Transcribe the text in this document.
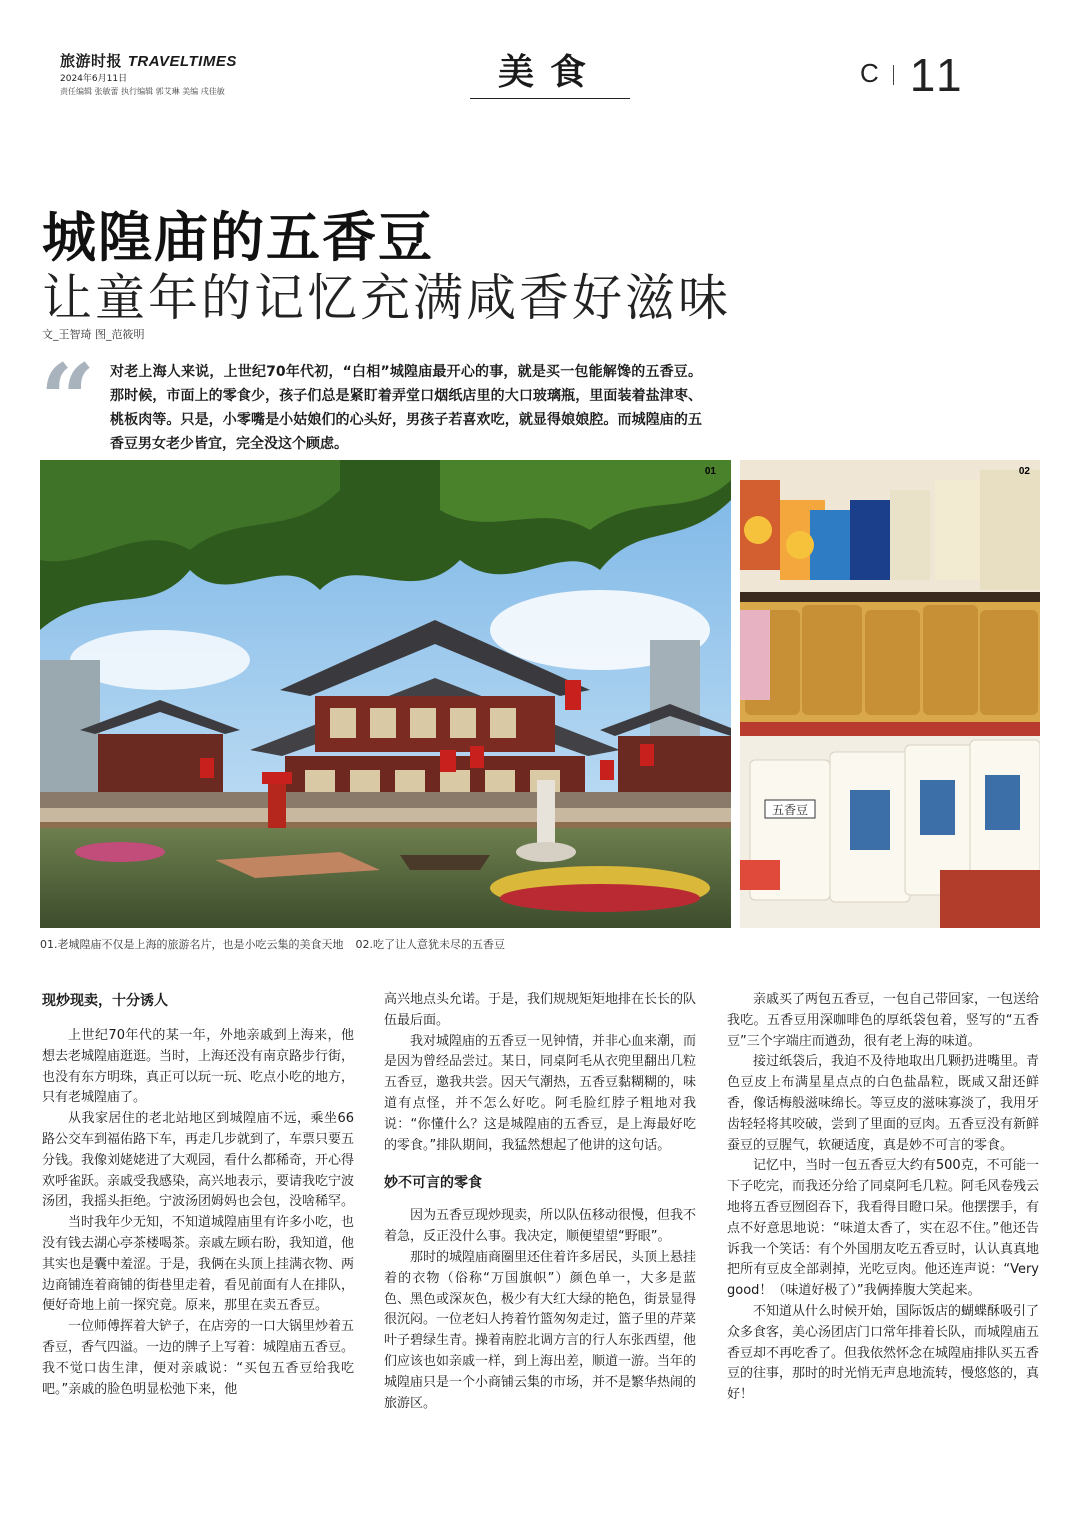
旅游时报 TRAVELTIMES
2024年6月11日
责任编辑 张敏蕾 执行编辑 郭艾琳 美编 戌佳敏	美食	C 11
城隍庙的五香豆
让童年的记忆充满咸香好滋味
文_王智琦 图_范筱明
“ 对老上海人来说，上世纪70年代初，“白相”城隍庙最开心的事，就是买一包能解馋的五香豆。那时候，市面上的零食少，孩子们总是紧盯着弄堂口烟纸店里的大口玻璃瓶，里面装着盐津枣、桃板肉等。只是，小零嘴是小姑娘们的心头好，男孩子若喜欢吃，就显得娘娘腔。而城隍庙的五香豆男女老少皆宜，完全没这个顾虑。
01
五香豆
02
01.老城隍庙不仅是上海的旅游名片，也是小吃云集的美食天地 02.吃了让人意犹未尽的五香豆
现炒现卖，十分诱人

上世纪70年代的某一年，外地亲戚到上海来，他想去老城隍庙逛逛。当时，上海还没有南京路步行街，也没有东方明珠，真正可以玩一玩、吃点小吃的地方，只有老城隍庙了。

从我家居住的老北站地区到城隍庙不远，乘坐66路公交车到福佑路下车，再走几步就到了，车票只要五分钱。我像刘姥姥进了大观园，看什么都稀奇，开心得欢呼雀跃。亲戚受我感染，高兴地表示，要请我吃宁波汤团，我摇头拒绝。宁波汤团姆妈也会包，没啥稀罕。

当时我年少无知，不知道城隍庙里有许多小吃，也没有钱去湖心亭茶楼喝茶。亲戚左顾右盼，我知道，他其实也是囊中羞涩。于是，我俩在头顶上挂满衣物、两边商铺连着商铺的街巷里走着，看见前面有人在排队，便好奇地上前一探究竟。原来，那里在卖五香豆。

一位师傅挥着大铲子，在店旁的一口大锅里炒着五香豆，香气四溢。一边的牌子上写着：城隍庙五香豆。我不觉口齿生津，便对亲戚说：“买包五香豆给我吃吧。”亲戚的脸色明显松弛下来，他

高兴地点头允诺。于是，我们规规矩矩地排在长长的队伍最后面。

我对城隍庙的五香豆一见钟情，并非心血来潮，而是因为曾经品尝过。某日，同桌阿毛从衣兜里翻出几粒五香豆，邀我共尝。因天气潮热，五香豆黏糊糊的，味道有点怪，并不怎么好吃。阿毛脸红脖子粗地对我说：“你懂什么？这是城隍庙的五香豆，是上海最好吃的零食。”排队期间，我猛然想起了他讲的这句话。

妙不可言的零食

因为五香豆现炒现卖，所以队伍移动很慢，但我不着急，反正没什么事。我决定，顺便望望“野眼”。

那时的城隍庙商圈里还住着许多居民，头顶上悬挂着的衣物（俗称“万国旗帜”）颜色单一，大多是蓝色、黑色或深灰色，极少有大红大绿的艳色，街景显得很沉闷。一位老妇人挎着竹篮匆匆走过，篮子里的芹菜叶子碧绿生青。操着南腔北调方言的行人东张西望，他们应该也如亲戚一样，到上海出差，顺道一游。当年的城隍庙只是一个小商铺云集的市场，并不是繁华热闹的旅游区。

亲戚买了两包五香豆，一包自己带回家，一包送给我吃。五香豆用深咖啡色的厚纸袋包着，竖写的“五香豆”三个字端庄而遒劲，很有老上海的味道。

接过纸袋后，我迫不及待地取出几颗扔进嘴里。青色豆皮上布满星星点点的白色盐晶粒，既咸又甜还鲜香，像话梅般滋味绵长。等豆皮的滋味寡淡了，我用牙齿轻轻将其咬破，尝到了里面的豆肉。五香豆没有新鲜蚕豆的豆腥气，软硬适度，真是妙不可言的零食。

记忆中，当时一包五香豆大约有500克，不可能一下子吃完，而我还分给了同桌阿毛几粒。阿毛风卷残云地将五香豆囫囵吞下，我看得目瞪口呆。他摆摆手，有点不好意思地说：“味道太香了，实在忍不住。”他还告诉我一个笑话：有个外国朋友吃五香豆时，认认真真地把所有豆皮全部剥掉，光吃豆肉。他还连声说：“Very good！（味道好极了）”我俩捧腹大笑起来。

不知道从什么时候开始，国际饭店的蝴蝶酥吸引了众多食客，美心汤团店门口常年排着长队，而城隍庙五香豆却不再吃香了。但我依然怀念在城隍庙排队买五香豆的往事，那时的时光悄无声息地流转，慢悠悠的，真好！
